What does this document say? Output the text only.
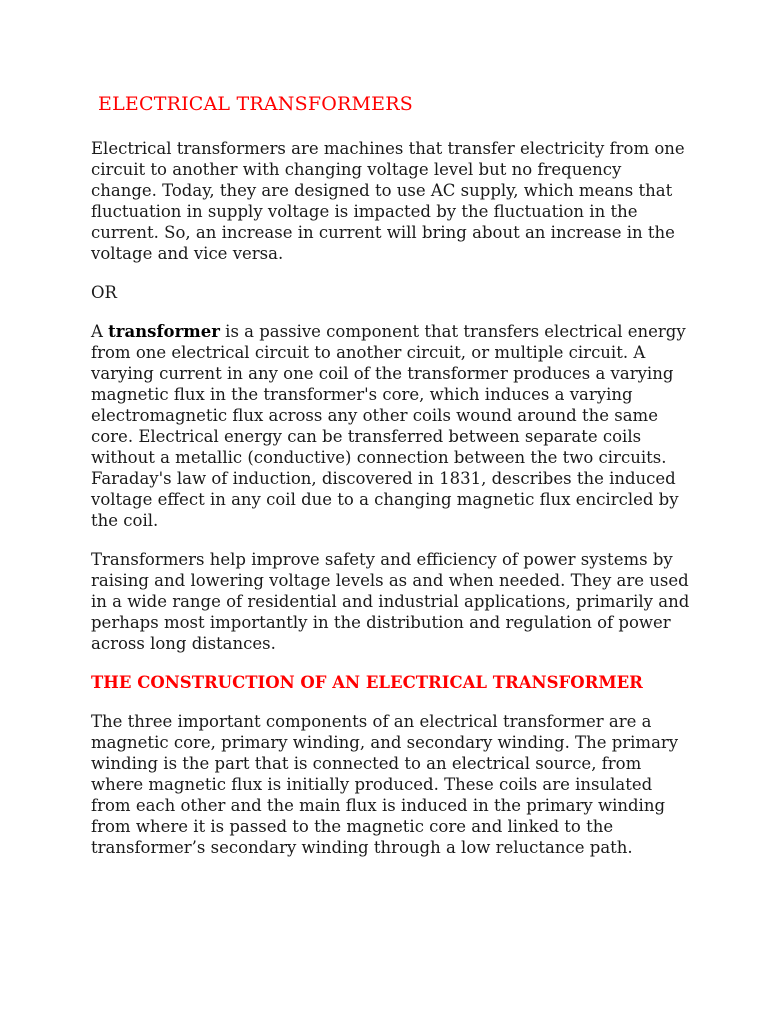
ELECTRICAL TRANSFORMERS

Electrical transformers are machines that transfer electricity from one circuit to another with changing voltage level but no frequency change. Today, they are designed to use AC supply, which means that fluctuation in supply voltage is impacted by the fluctuation in the current. So, an increase in current will bring about an increase in the voltage and vice versa.

OR

A transformer is a passive component that transfers electrical energy from one electrical circuit to another circuit, or multiple circuit. A varying current in any one coil of the transformer produces a varying magnetic flux in the transformer's core, which induces a varying electromagnetic flux across any other coils wound around the same core. Electrical energy can be transferred between separate coils without a metallic (conductive) connection between the two circuits. Faraday's law of induction, discovered in 1831, describes the induced voltage effect in any coil due to a changing magnetic flux encircled by the coil.

Transformers help improve safety and efficiency of power systems by raising and lowering voltage levels as and when needed. They are used in a wide range of residential and industrial applications, primarily and perhaps most importantly in the distribution and regulation of power across long distances.

THE CONSTRUCTION OF AN ELECTRICAL TRANSFORMER

The three important components of an electrical transformer are a magnetic core, primary winding, and secondary winding. The primary winding is the part that is connected to an electrical source, from where magnetic flux is initially produced. These coils are insulated from each other and the main flux is induced in the primary winding from where it is passed to the magnetic core and linked to the transformer’s secondary winding through a low reluctance path.
